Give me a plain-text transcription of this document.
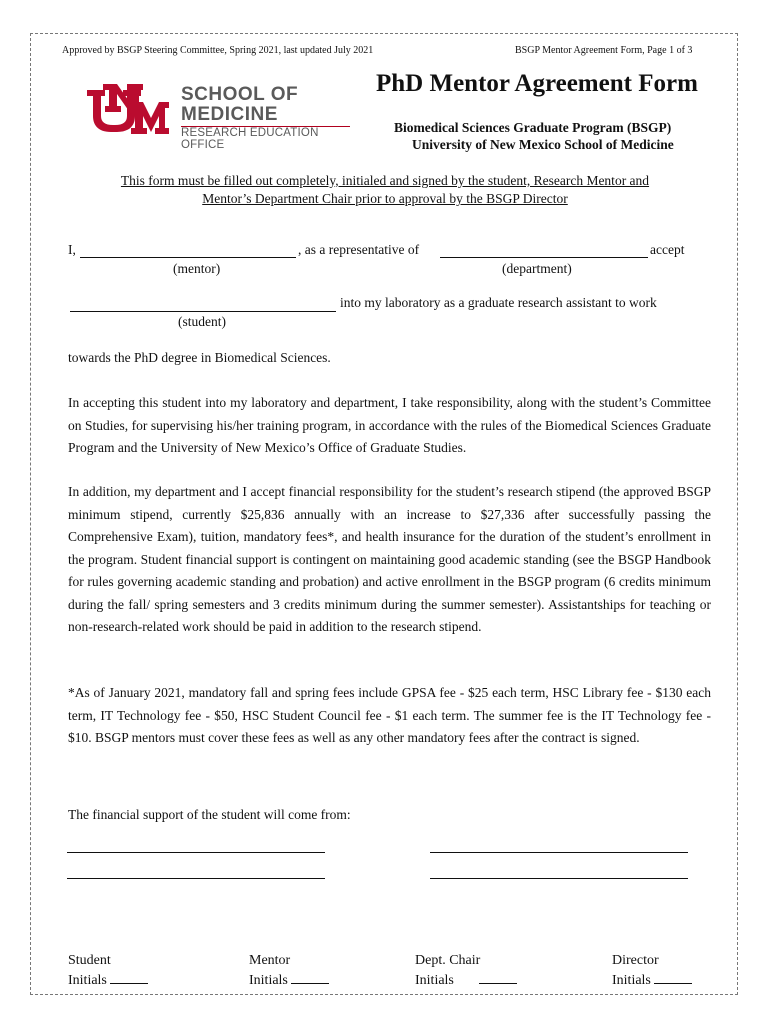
Approved by BSGP Steering Committee, Spring 2021, last updated July 2021	BSGP Mentor Agreement Form, Page 1 of 3
SCHOOL OF
MEDICINE
RESEARCH EDUCATION OFFICE
PhD Mentor Agreement Form
Biomedical Sciences Graduate Program (BSGP)
University of New Mexico School of Medicine
This form must be filled out completely, initialed and signed by the student, Research Mentor and
Mentor’s Department Chair prior to approval by the BSGP Director
I,	, as a representative of	accept
(mentor)	(department)
into my laboratory as a graduate research assistant to work
(student)
towards the PhD degree in Biomedical Sciences.
In accepting this student into my laboratory and department, I take responsibility, along with the student’s Committee on Studies, for supervising his/her training program, in accordance with the rules of the Biomedical Sciences Graduate Program and the University of New Mexico’s Office of Graduate Studies.
In addition, my department and I accept financial responsibility for the student’s research stipend (the approved BSGP minimum stipend, currently $25,836 annually with an increase to $27,336 after successfully passing the Comprehensive Exam), tuition, mandatory fees*, and health insurance for the duration of the student’s enrollment in the program. Student financial support is contingent on maintaining good academic standing (see the BSGP Handbook for rules governing academic standing and probation) and active enrollment in the BSGP program (6 credits minimum during the fall/ spring semesters and 3 credits minimum during the summer semester). Assistantships for teaching or non-research-related work should be paid in addition to the research stipend.
*As of January 2021, mandatory fall and spring fees include GPSA fee - $25 each term, HSC Library fee - $130 each term, IT Technology fee - $50, HSC Student Council fee - $1 each term. The summer fee is the IT Technology fee - $10. BSGP mentors must cover these fees as well as any other mandatory fees after the contract is signed.
The financial support of the student will come from:
Student
Initials
Mentor
Initials
Dept. Chair
Initials
Director
Initials
